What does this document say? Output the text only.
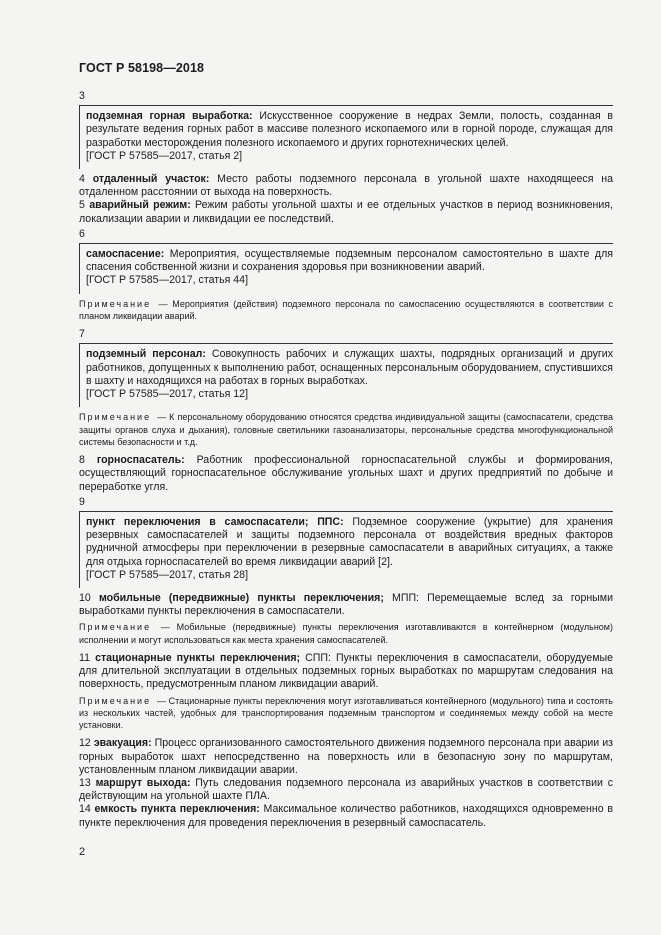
ГОСТ Р 58198—2018
3
подземная горная выработка: Искусственное сооружение в недрах Земли, полость, созданная в результате ведения горных работ в массиве полезного ископаемого или в горной породе, служащая для разработки месторождения полезного ископаемого и других горнотехнических целей.
[ГОСТ Р 57585—2017, статья 2]

4 отдаленный участок: Место работы подземного персонала в угольной шахте находящееся на отдаленном расстоянии от выхода на поверхность.

5 аварийный режим: Режим работы угольной шахты и ее отдельных участков в период возникновения, локализации аварии и ликвидации ее последствий.

6
самоспасение: Мероприятия, осуществляемые подземным персоналом самостоятельно в шахте для спасения собственной жизни и сохранения здоровья при возникновении аварий.
[ГОСТ Р 57585—2017, статья 44]
Примечание — Мероприятия (действия) подземного персонала по самоспасению осуществляются в соответствии с планом ликвидации аварий.
7
подземный персонал: Совокупность рабочих и служащих шахты, подрядных организаций и других работников, допущенных к выполнению работ, оснащенных персональным оборудованием, спустившихся в шахту и находящихся на работах в горных выработках.
[ГОСТ Р 57585—2017, статья 12]
Примечание — К персональному оборудованию относятся средства индивидуальной защиты (самоспасатели, средства защиты органов слуха и дыхания), головные светильники газоанализаторы, персональные средства многофункциональной системы безопасности и т.д.

8 горноспасатель: Работник профессиональной горноспасательной службы и формирования, осуществляющий горноспасательное обслуживание угольных шахт и других предприятий по добыче и переработке угля.

9
пункт переключения в самоспасатели; ППС: Подземное сооружение (укрытие) для хранения резервных самоспасателей и защиты подземного персонала от воздействия вредных факторов рудничной атмосферы при переключении в резервные самоспасатели в аварийных ситуациях, а также для отдыха горноспасателей во время ликвидации аварий [2].
[ГОСТ Р 57585—2017, статья 28]

10 мобильные (передвижные) пункты переключения; МПП: Перемещаемые вслед за горными выработками пункты переключения в самоспасатели.

Примечание — Мобильные (передвижные) пункты переключения изготавливаются в контейнерном (модульном) исполнении и могут использоваться как места хранения самоспасателей.

11 стационарные пункты переключения; СПП: Пункты переключения в самоспасатели, оборудуемые для длительной эксплуатации в отдельных подземных горных выработках по маршрутам следования на поверхность, предусмотренным планом ликвидации аварий.

Примечание — Стационарные пункты переключения могут изготавливаться контейнерного (модульного) типа и состоять из нескольких частей, удобных для транспортирования подземным транспортом и соединяемых между собой на месте установки.

12 эвакуация: Процесс организованного самостоятельного движения подземного персонала при аварии из горных выработок шахт непосредственно на поверхность или в безопасную зону по маршрутам, установленным планом ликвидации аварии.

13 маршрут выхода: Путь следования подземного персонала из аварийных участков в соответствии с действующим на угольной шахте ПЛА.

14 емкость пункта переключения: Максимальное количество работников, находящихся одновременно в пункте переключения для проведения переключения в резервный самоспасатель.

2
